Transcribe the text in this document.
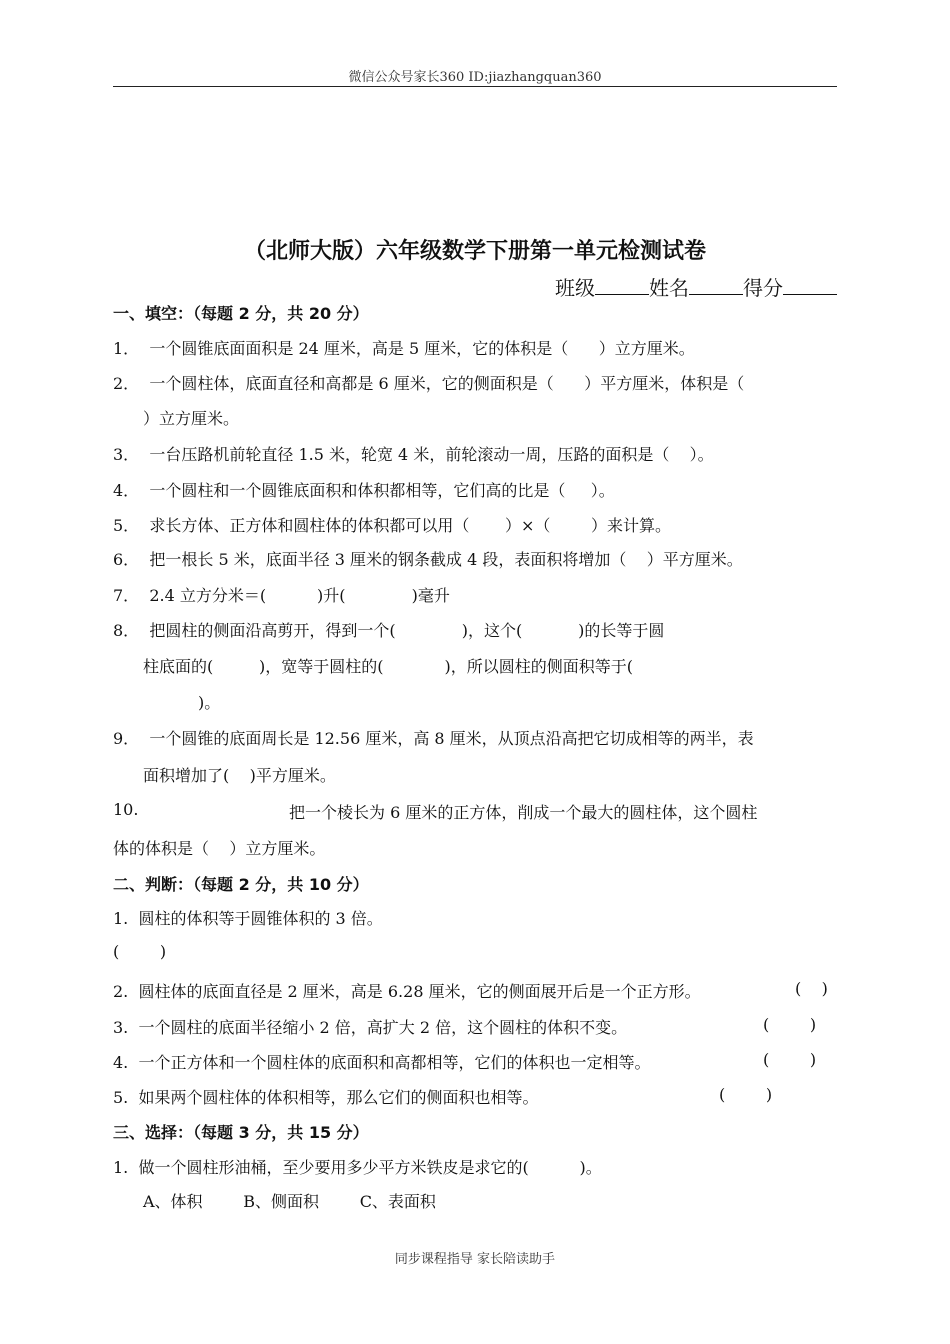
微信公众号家长360 ID:jiazhangquan360
（北师大版）六年级数学下册第一单元检测试卷
班级	姓名	得分
一、填空：（每题 2 分，共 20 分）
1．  一个圆锥底面面积是 24 厘米，高是 5 厘米，它的体积是（      ）立方厘米。
2．  一个圆柱体，底面直径和高都是 6 厘米，它的侧面积是（      ）平方厘米，体积是（
）立方厘米。
3．  一台压路机前轮直径 1.5 米，轮宽 4 米，前轮滚动一周，压路的面积是（    ）。
4．  一个圆柱和一个圆锥底面积和体积都相等，它们高的比是（     ）。
5．  求长方体、正方体和圆柱体的体积都可以用（       ）×（        ）来计算。
6．  把一根长 5 米，底面半径 3 厘米的钢条截成 4 段，表面积将增加（    ）平方厘米。
7．  2.4 立方分米＝(          )升(             )毫升
8．  把圆柱的侧面沿高剪开，得到一个(             )，这个(           )的长等于圆
柱底面的(         )，宽等于圆柱的(            )，所以圆柱的侧面积等于(
)。
9．  一个圆锥的底面周长是 12.56 厘米，高 8 厘米，从顶点沿高把它切成相等的两半，表
面积增加了(    )平方厘米。
10.	把一个棱长为 6 厘米的正方体，削成一个最大的圆柱体，这个圆柱
体的体积是（    ）立方厘米。
二、判断：（每题 2 分，共 10 分）
1.  圆柱的体积等于圆锥体积的 3 倍。
(        )
2.  圆柱体的底面直径是 2 厘米，高是 6.28 厘米，它的侧面展开后是一个正方形。	(    )
3.  一个圆柱的底面半径缩小 2 倍，高扩大 2 倍，这个圆柱的体积不变。	(        )
4.  一个正方体和一个圆柱体的底面积和高都相等，它们的体积也一定相等。	(        )
5.  如果两个圆柱体的体积相等，那么它们的侧面积也相等。	(        )
三、选择：（每题 3 分，共 15 分）
1.  做一个圆柱形油桶，至少要用多少平方米铁皮是求它的(          )。
A、体积        B、侧面积        C、表面积
同步课程指导 家长陪读助手
